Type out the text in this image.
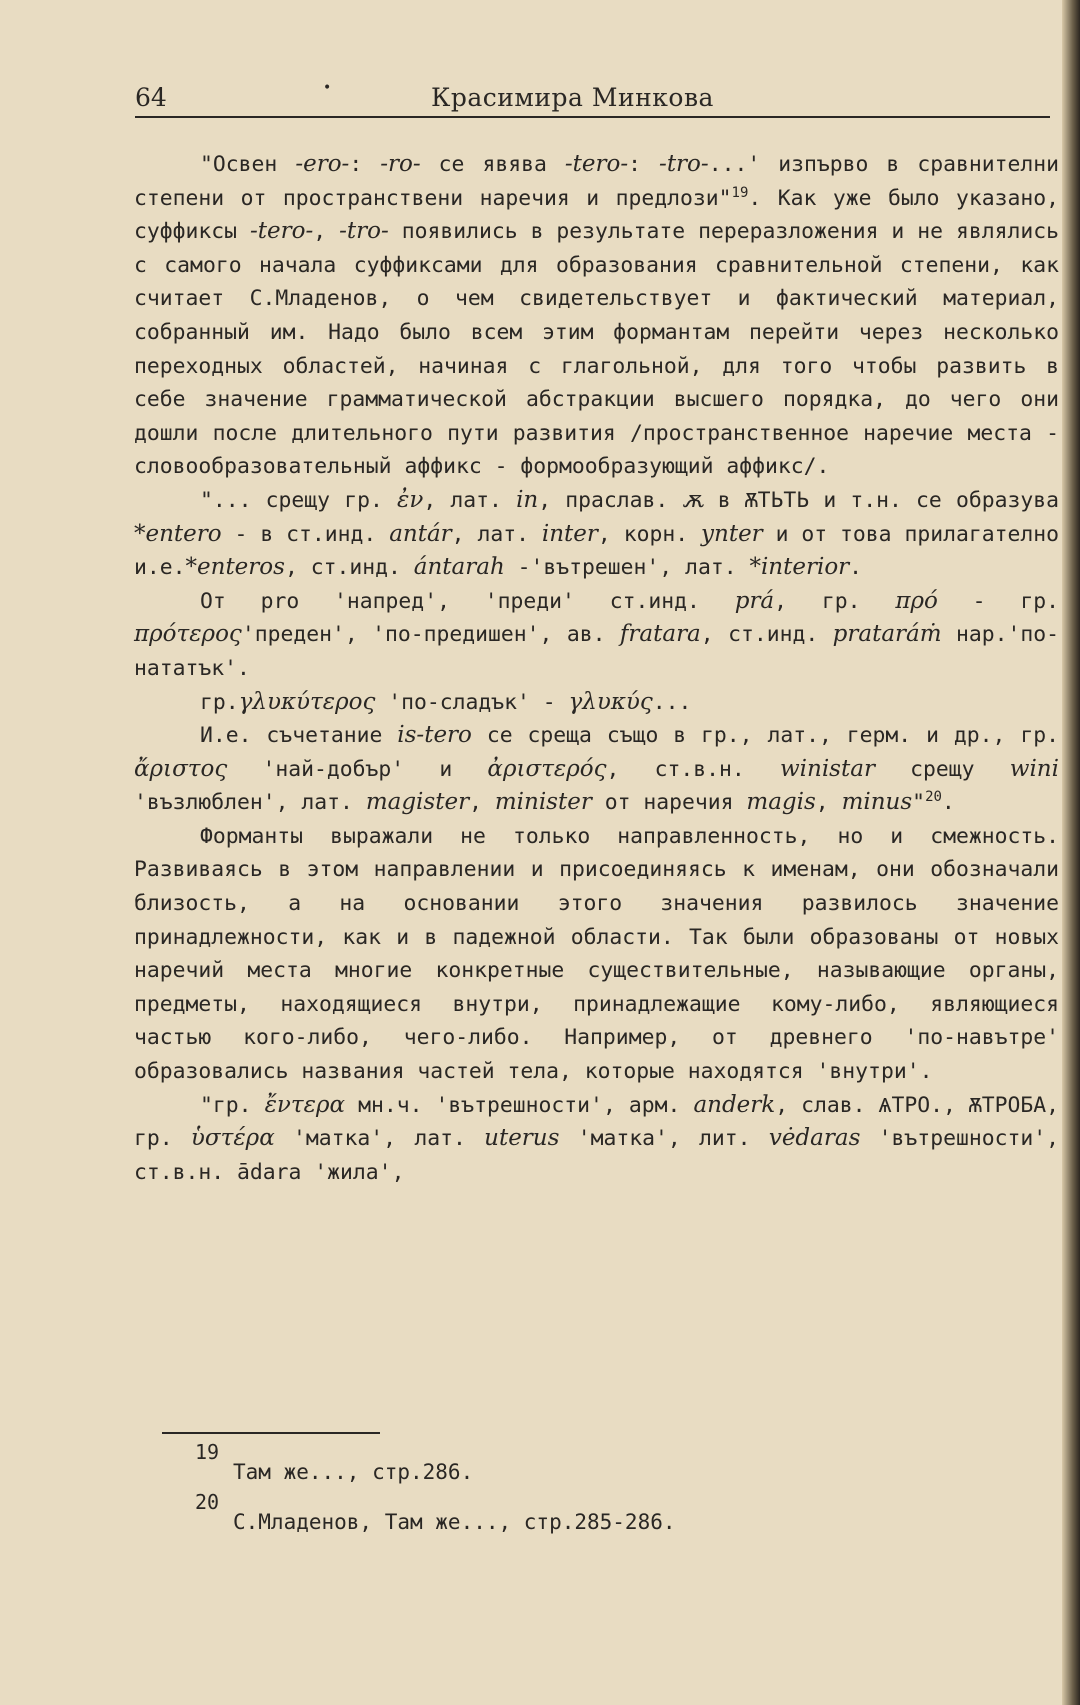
64	•	Красимира Минкова

"Освен -ero-: -ro- се явява -tero-: -tro-...' изпърво в сравнителни степени от пространствени наречия и предлози"$^{19}$. Как уже было указано, суффиксы -tero-, -tro- появились в результате переразложения и не являлись с самого начала суффиксами для образования сравнительной степени, как считает С.Младенов, о чем свидетельствует и фактический материал, собранный им. Надо было всем этим формантам перейти через несколько переходных областей, начиная с глагольной, для того чтобы развить в себе значение грамматической абстракции высшего порядка, до чего они дошли после длительного пути развития /пространственное наречие места - словообразовательный аффикс - формообразующий аффикс/.

"... срещу гр. ἐν, лат. in, праслав. ѫ в ѪТЬТЬ и т.н. се образува *entero - в ст.инд. antár, лат. inter, корн. ynter и от това прилагателно и.е.*enteros, ст.инд. ántarah -'вътрешен', лат. *interior.

От pro 'напред', 'преди' ст.инд. prá, гр. πρό - гр. πρότερος'преден', 'по-предишен', ав. fratara, ст.инд. prataráṁ нар.'по-нататък'.

гр.γλυκύτερος 'по-сладък' - γλυκύς...

И.е. съчетание is-tero се среща също в гр., лат., герм. и др., гр. ἄριστος 'най-добър' и ἀριστερός, ст.в.н. winistar срещу wini 'възлюблен', лат. magister, minister от наречия magis, minus"$^{20}$.

Форманты выражали не только направленность, но и смежность. Развиваясь в этом направлении и присоединяясь к именам, они обозначали близость, а на основании этого значения развилось значение принадлежности, как и в падежной области. Так были образованы от новых наречий места многие конкретные существительные, называющие органы, предметы, находящиеся внутри, принадлежащие кому-либо, являющиеся частью кого-либо, чего-либо. Например, от древнего 'по-навътре' образовались названия частей тела, которые находятся 'внутри'.

"гр. ἔντερα мн.ч. 'вътрешности', арм. anderk, слав. ѦТРО., ѪТРОБА, гр. ὑστέρα 'матка', лат. uterus 'матка', лит. vėdaras 'вътрешности', ст.в.н. ādara 'жила',

19
Там же..., стр.286.
20
С.Младенов, Там же..., стр.285-286.
